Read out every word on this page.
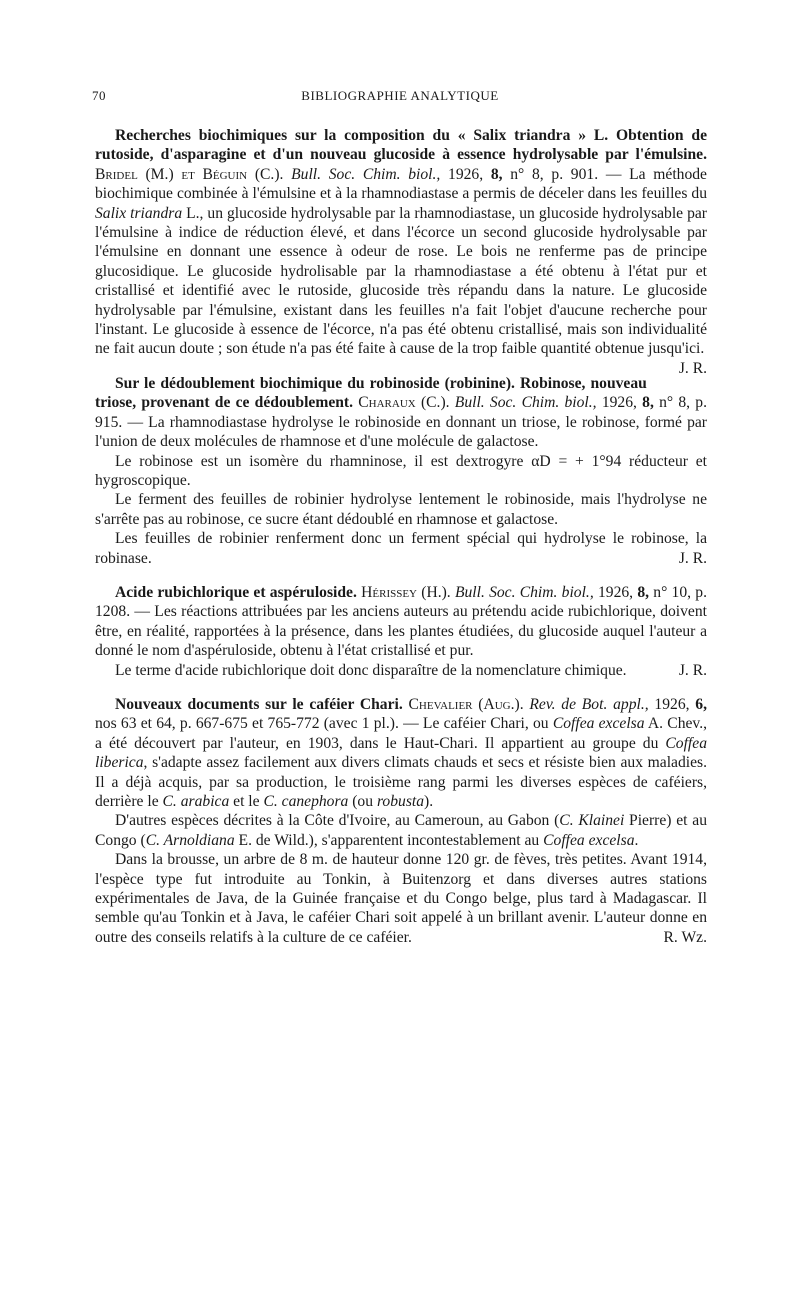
70	BIBLIOGRAPHIE ANALYTIQUE

Recherches biochimiques sur la composition du « Salix triandra » L. Obtention de rutoside, d'asparagine et d'un nouveau glucoside à essence hydrolysable par l'émulsine. Bridel (M.) et Béguin (C.). Bull. Soc. Chim. biol., 1926, 8, n° 8, p. 901. — La méthode biochimique combinée à l'émulsine et à la rhamnodiastase a permis de déceler dans les feuilles du Salix triandra L., un glucoside hydrolysable par la rhamnodiastase, un glucoside hydrolysable par l'émulsine à indice de réduction élevé, et dans l'écorce un second glucoside hydrolysable par l'émulsine en donnant une essence à odeur de rose. Le bois ne renferme pas de principe glucosidique. Le glucoside hydrolisable par la rhamnodiastase a été obtenu à l'état pur et cristallisé et identifié avec le rutoside, glucoside très répandu dans la nature. Le glucoside hydrolysable par l'émulsine, existant dans les feuilles n'a fait l'objet d'aucune recherche pour l'instant. Le glucoside à essence de l'écorce, n'a pas été obtenu cristallisé, mais son individualité ne fait aucun doute ; son étude n'a pas été faite à cause de la trop faible quantité obtenue jusqu'ici.
J. R.

Sur le dédoublement biochimique du robinoside (robinine). Robinose, nouveau triose, provenant de ce dédoublement. Charaux (C.). Bull. Soc. Chim. biol., 1926, 8, n° 8, p. 915. — La rhamnodiastase hydrolyse le robinoside en donnant un triose, le robinose, formé par l'union de deux molécules de rhamnose et d'une molécule de galactose.

Le robinose est un isomère du rhamninose, il est dextrogyre αD = + 1°94 réducteur et hygroscopique.

Le ferment des feuilles de robinier hydrolyse lentement le robinoside, mais l'hydrolyse ne s'arrête pas au robinose, ce sucre étant dédoublé en rhamnose et galactose.

Les feuilles de robinier renferment donc un ferment spécial qui hydrolyse le robinose, la robinase.	J. R.

Acide rubichlorique et aspéruloside. Hérissey (H.). Bull. Soc. Chim. biol., 1926, 8, n° 10, p. 1208. — Les réactions attribuées par les anciens auteurs au prétendu acide rubichlorique, doivent être, en réalité, rapportées à la présence, dans les plantes étudiées, du glucoside auquel l'auteur a donné le nom d'aspéruloside, obtenu à l'état cristallisé et pur.

Le terme d'acide rubichlorique doit donc disparaître de la nomenclature chimique.	J. R.

Nouveaux documents sur le caféier Chari. Chevalier (Aug.). Rev. de Bot. appl., 1926, 6, nos 63 et 64, p. 667-675 et 765-772 (avec 1 pl.). — Le caféier Chari, ou Coffea excelsa A. Chev., a été découvert par l'auteur, en 1903, dans le Haut-Chari. Il appartient au groupe du Coffea liberica, s'adapte assez facilement aux divers climats chauds et secs et résiste bien aux maladies. Il a déjà acquis, par sa production, le troisième rang parmi les diverses espèces de caféiers, derrière le C. arabica et le C. canephora (ou robusta).

D'autres espèces décrites à la Côte d'Ivoire, au Cameroun, au Gabon (C. Klainei Pierre) et au Congo (C. Arnoldiana E. de Wild.), s'apparentent incontestablement au Coffea excelsa.

Dans la brousse, un arbre de 8 m. de hauteur donne 120 gr. de fèves, très petites. Avant 1914, l'espèce type fut introduite au Tonkin, à Buitenzorg et dans diverses autres stations expérimentales de Java, de la Guinée française et du Congo belge, plus tard à Madagascar. Il semble qu'au Tonkin et à Java, le caféier Chari soit appelé à un brillant avenir. L'auteur donne en outre des conseils relatifs à la culture de ce caféier.	R. Wz.
